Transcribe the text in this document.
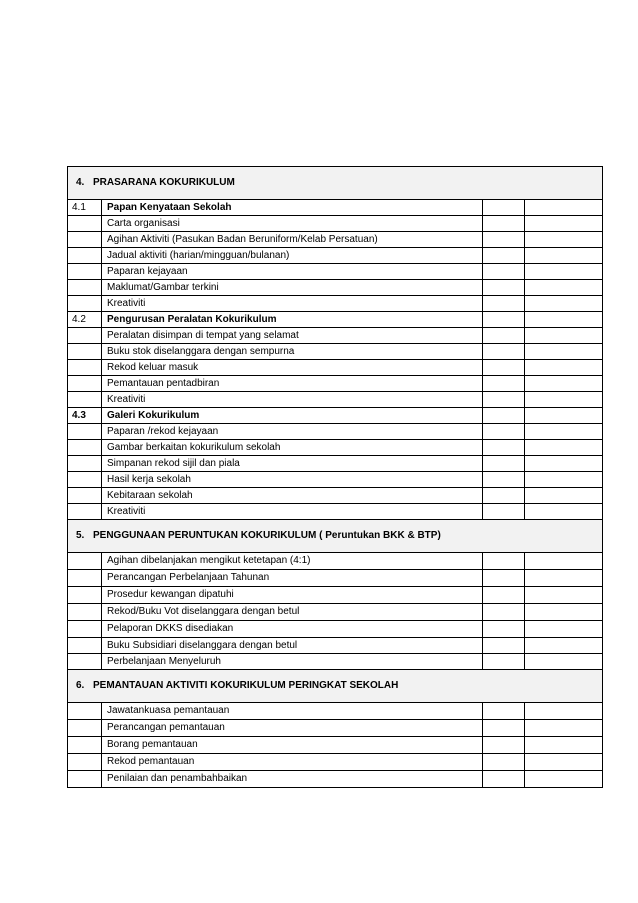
4. PRASARANA KOKURIKULUM			
4.1	Papan Kenyataan Sekolah		
	Carta organisasi		
	Agihan Aktiviti (Pasukan Badan Beruniform/Kelab Persatuan)		
	Jadual aktiviti (harian/mingguan/bulanan)		
	Paparan kejayaan		
	Maklumat/Gambar terkini		
	Kreativiti		
4.2	Pengurusan Peralatan Kokurikulum		
	Peralatan disimpan di tempat yang selamat		
	Buku stok diselanggara dengan sempurna		
	Rekod keluar masuk		
	Pemantauan pentadbiran		
	Kreativiti		
4.3	Galeri Kokurikulum		
	Paparan /rekod kejayaan		
	Gambar berkaitan kokurikulum sekolah		
	Simpanan rekod sijil dan piala		
	Hasil kerja sekolah		
	Kebitaraan sekolah		
	Kreativiti		
5. PENGGUNAAN PERUNTUKAN KOKURIKULUM ( Peruntukan BKK & BTP)			
	Agihan dibelanjakan mengikut ketetapan (4:1)		
	Perancangan Perbelanjaan Tahunan		
	Prosedur kewangan dipatuhi		
	Rekod/Buku Vot diselanggara dengan betul		
	Pelaporan DKKS disediakan		
	Buku Subsidiari diselanggara dengan betul		
	Perbelanjaan Menyeluruh		
6. PEMANTAUAN AKTIVITI KOKURIKULUM PERINGKAT SEKOLAH			
	Jawatankuasa pemantauan		
	Perancangan pemantauan		
	Borang pemantauan		
	Rekod pemantauan		
	Penilaian dan penambahbaikan		
